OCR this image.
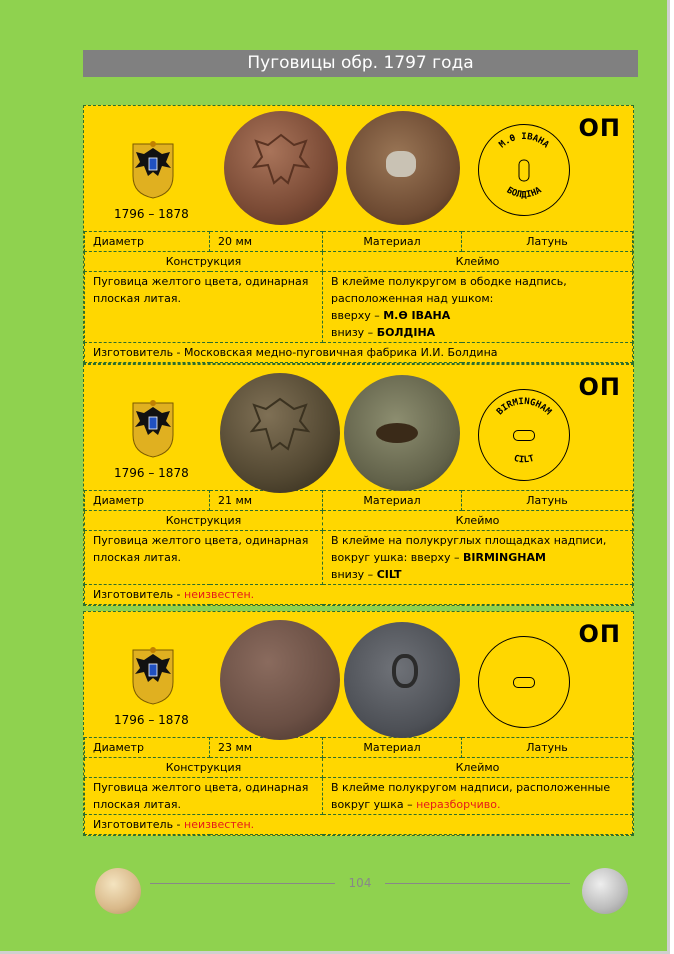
Пуговицы обр. 1797 года
1796 – 1878
М.Ѳ ІВАНА
БОЛДІНА
ОП
Диаметр	20 мм	Материал	Латунь
Конструкция		Клеймо	
Пуговица желтого цвета, одинарная плоская литая.		В клейме полукругом в ободке надпись, расположенная над ушком:
вверху – М.Ѳ ІВАНА
внизу – БОЛДІНА	
Изготовитель - Московская медно-пуговичная фабрика И.И. Болдина			
1796 – 1878
BIRMINGHAM
CILT
ОП
Диаметр	21 мм	Материал	Латунь
Конструкция		Клеймо	
Пуговица желтого цвета, одинарная плоская литая.		В клейме на полукруглых площадках надписи, вокруг ушка: вверху – BIRMINGHAM
внизу – CILT	
Изготовитель - неизвестен.			
1796 – 1878
ОП
Диаметр	23 мм	Материал	Латунь
Конструкция		Клеймо	
Пуговица желтого цвета, одинарная плоская литая.		В клейме полукругом надписи, расположенные вокруг ушка – неразборчиво.	
Изготовитель - неизвестен.			
104
